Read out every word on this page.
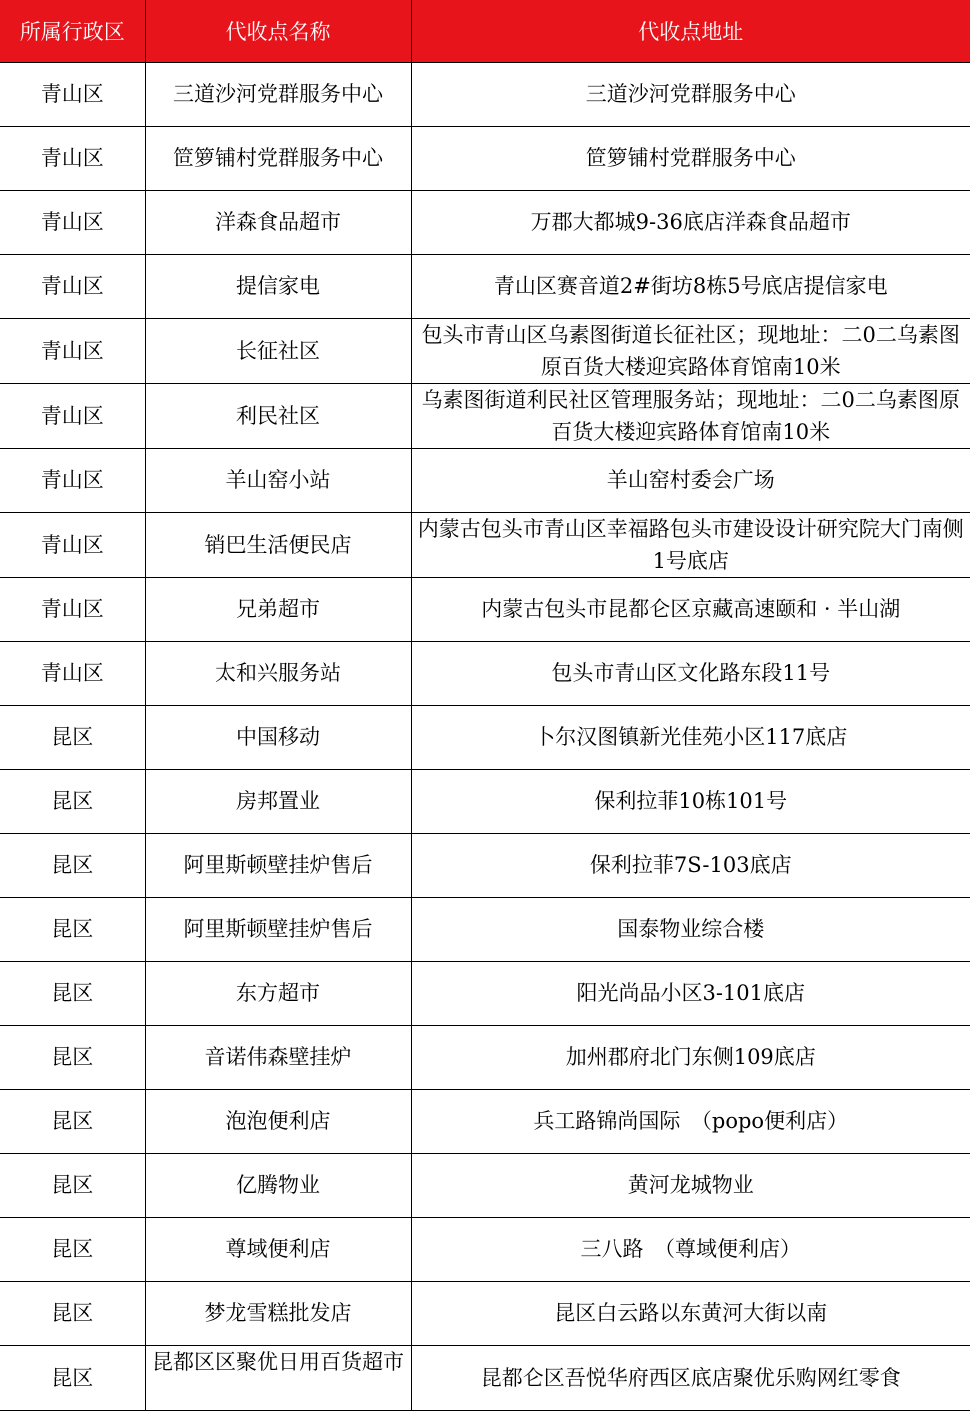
所属行政区	代收点名称	代收点地址

青山区	三道沙河党群服务中心	三道沙河党群服务中心

青山区	笸箩铺村党群服务中心	笸箩铺村党群服务中心

青山区	洋森食品超市	万郡大都城9-36底店洋森食品超市

青山区	提信家电	青山区赛音道2#街坊8栋5号底店提信家电

青山区	长征社区	包头市青山区乌素图街道长征社区；现地址：二0二乌素图原百货大楼迎宾路体育馆南10米

青山区	利民社区	乌素图街道利民社区管理服务站；现地址：二0二乌素图原百货大楼迎宾路体育馆南10米

青山区	羊山窑小站	羊山窑村委会广场

青山区	销巴生活便民店	内蒙古包头市青山区幸福路包头市建设设计研究院大门南侧1号底店

青山区	兄弟超市	内蒙古包头市昆都仑区京藏高速颐和 · 半山湖

青山区	太和兴服务站	包头市青山区文化路东段11号

昆区	中国移动	卜尔汉图镇新光佳苑小区117底店

昆区	房邦置业	保利拉菲10栋101号

昆区	阿里斯顿壁挂炉售后	保利拉菲7S-103底店

昆区	阿里斯顿壁挂炉售后	国泰物业综合楼

昆区	东方超市	阳光尚品小区3-101底店

昆区	音诺伟森壁挂炉	加州郡府北门东侧109底店

昆区	泡泡便利店	兵工路锦尚国际　（popo便利店）

昆区	亿腾物业	黄河龙城物业

昆区	尊域便利店	三八路　（尊域便利店）

昆区	梦龙雪糕批发店	昆区白云路以东黄河大街以南

昆区	昆都区区聚优日用百货超市	昆都仑区吾悦华府西区底店聚优乐购网红零食
